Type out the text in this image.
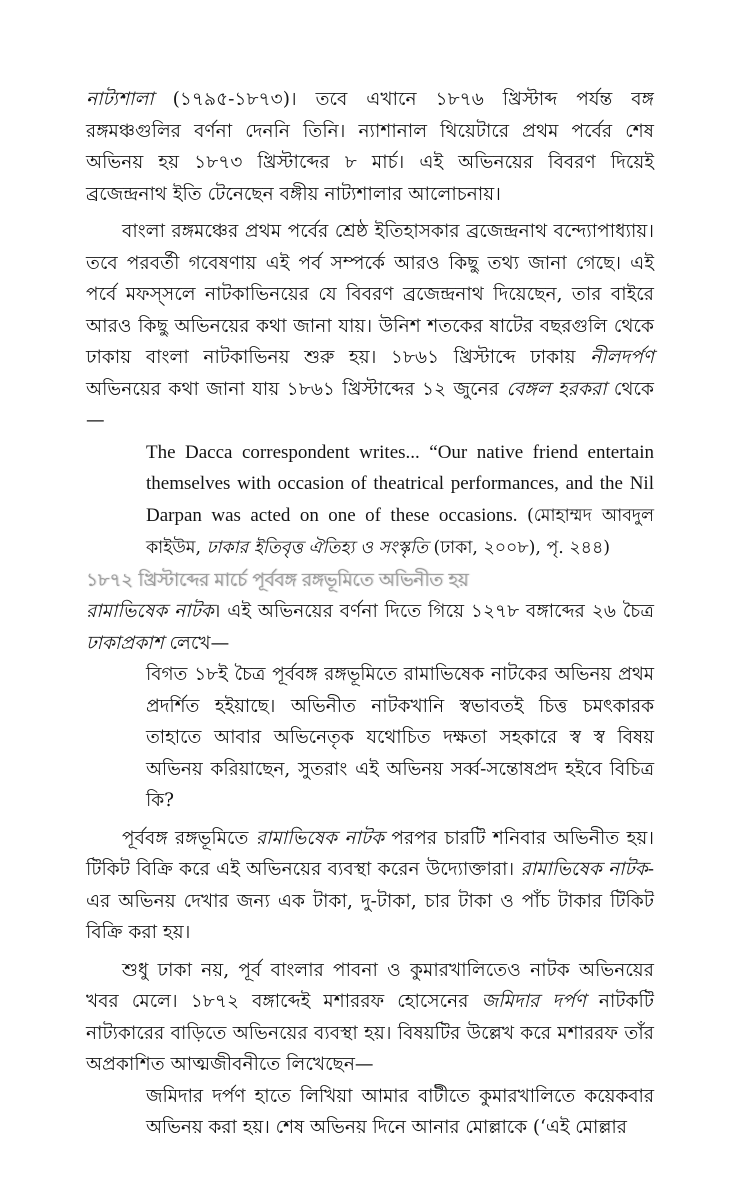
নাট্যশালা (১৭৯৫-১৮৭৩)। তবে এখানে ১৮৭৬ খ্রিস্টাব্দ পর্যন্ত বঙ্গ রঙ্গমঞ্চগুলির বর্ণনা দেননি তিনি। ন্যাশানাল থিয়েটারে প্রথম পর্বের শেষ অভিনয় হয় ১৮৭৩ খ্রিস্টাব্দের ৮ মার্চ। এই অভিনয়ের বিবরণ দিয়েই ব্রজেন্দ্রনাথ ইতি টেনেছেন বঙ্গীয় নাট্যশালার আলোচনায়।

বাংলা রঙ্গমঞ্চের প্রথম পর্বের শ্রেষ্ঠ ইতিহাসকার ব্রজেন্দ্রনাথ বন্দ্যোপাধ্যায়। তবে পরবর্তী গবেষণায় এই পর্ব সম্পর্কে আরও কিছু তথ্য জানা গেছে। এই পর্বে মফস্সলে নাটকাভিনয়ের যে বিবরণ ব্রজেন্দ্রনাথ দিয়েছেন, তার বাইরে আরও কিছু অভিনয়ের কথা জানা যায়। উনিশ শতকের ষাটের বছরগুলি থেকে ঢাকায় বাংলা নাটকাভিনয় শুরু হয়। ১৮৬১ খ্রিস্টাব্দে ঢাকায় নীলদর্পণ অভিনয়ের কথা জানা যায় ১৮৬১ খ্রিস্টাব্দের ১২ জুনের বেঙ্গল হরকরা থেকে—

The Dacca correspondent writes... “Our native friend entertain themselves with occasion of theatrical performances, and the Nil Darpan was acted on one of these occasions. (মোহাম্মদ আবদুল কাইউম, ঢাকার ইতিবৃত্ত ঐতিহ্য ও সংস্কৃতি (ঢাকা, ২০০৮), পৃ. ২৪৪)

১৮৭২ খ্রিস্টাব্দের মার্চে পূর্ববঙ্গ রঙ্গভূমিতে অভিনীত হয়

রামাভিষেক নাটক। এই অভিনয়ের বর্ণনা দিতে গিয়ে ১২৭৮ বঙ্গাব্দের ২৬ চৈত্র ঢাকাপ্রকাশ লেখে—

বিগত ১৮ই চৈত্র পূর্ববঙ্গ রঙ্গভূমিতে রামাভিষেক নাটকের অভিনয় প্রথম প্রদর্শিত হইয়াছে। অভিনীত নাটকখানি স্বভাবতই চিত্ত চমৎকারক তাহাতে আবার অভিনেতৃক যথোচিত দক্ষতা সহকারে স্ব স্ব বিষয় অভিনয় করিয়াছেন, সুতরাং এই অভিনয় সর্ব্ব-সন্তোষপ্রদ হইবে বিচিত্র কি?

পূর্ববঙ্গ রঙ্গভূমিতে রামাভিষেক নাটক পরপর চারটি শনিবার অভিনীত হয়। টিকিট বিক্রি করে এই অভিনয়ের ব্যবস্থা করেন উদ্যোক্তারা। রামাভিষেক নাটক-এর অভিনয় দেখার জন্য এক টাকা, দু-টাকা, চার টাকা ও পাঁচ টাকার টিকিট বিক্রি করা হয়।

শুধু ঢাকা নয়, পূর্ব বাংলার পাবনা ও কুমারখালিতেও নাটক অভিনয়ের খবর মেলে। ১৮৭২ বঙ্গাব্দেই মশাররফ হোসেনের জমিদার দর্পণ নাটকটি নাট্যকারের বাড়িতে অভিনয়ের ব্যবস্থা হয়। বিষয়টির উল্লেখ করে মশাররফ তাঁর অপ্রকাশিত আত্মজীবনীতে লিখেছেন—

জমিদার দর্পণ হাতে লিখিয়া আমার বাটীতে কুমারখালিতে কয়েকবার অভিনয় করা হয়। শেষ অভিনয় দিনে আনার মোল্লাকে (‘এই মোল্লার
